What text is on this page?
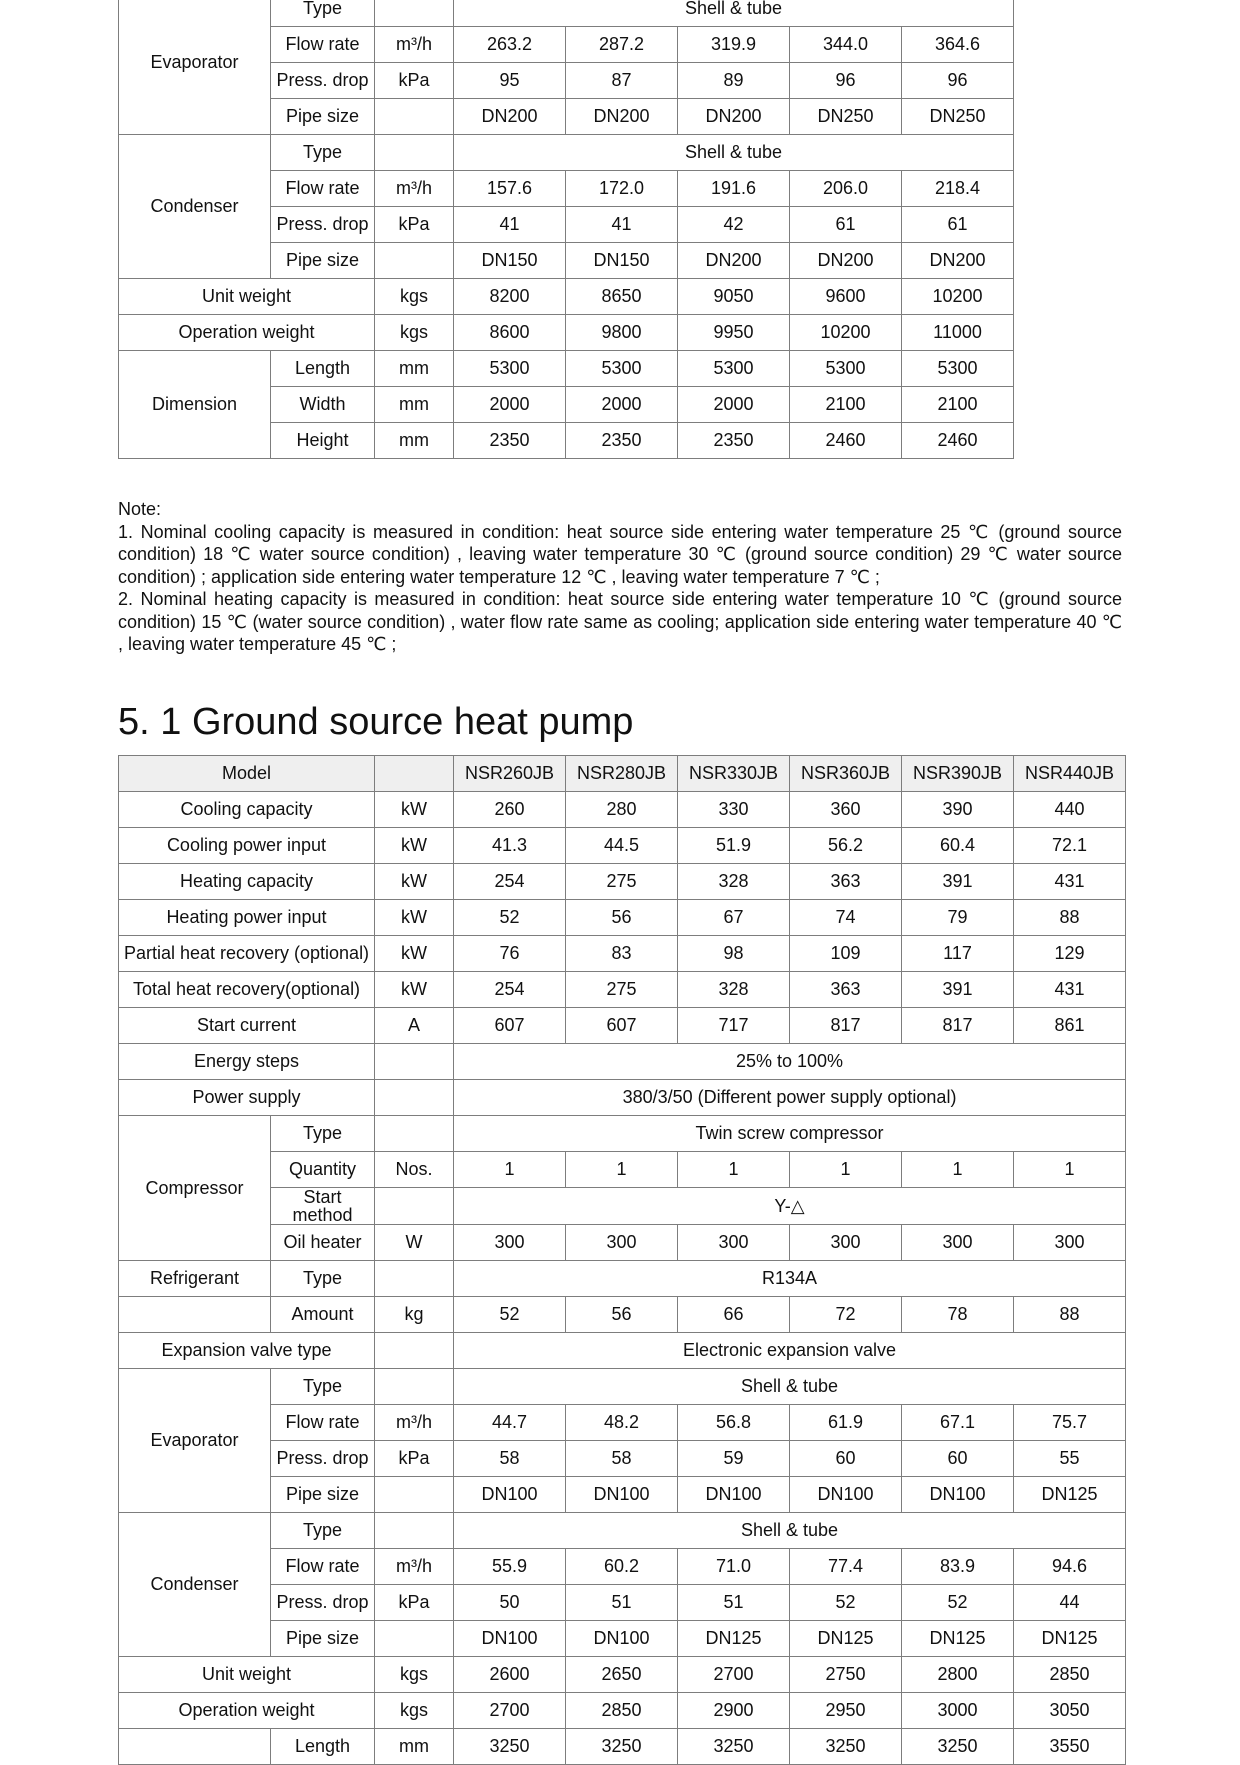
Evaporator	Type		Shell & tube				
	Flow rate	m³/h	263.2	287.2	319.9	344.0	364.6
	Press. drop	kPa	95	87	89	96	96
	Pipe size		DN200	DN200	DN200	DN250	DN250
Condenser	Type		Shell & tube				
	Flow rate	m³/h	157.6	172.0	191.6	206.0	218.4
	Press. drop	kPa	41	41	42	61	61
	Pipe size		DN150	DN150	DN200	DN200	DN200
Unit weight		kgs	8200	8650	9050	9600	10200
Operation weight		kgs	8600	9800	9950	10200	11000
Dimension	Length	mm	5300	5300	5300	5300	5300
	Width	mm	2000	2000	2000	2100	2100
	Height	mm	2350	2350	2350	2460	2460

Note:

1. Nominal cooling capacity is measured in condition: heat source side entering water temperature 25 ℃ (ground source condition) 18 ℃ water source condition) , leaving water temperature 30 ℃ (ground source condition) 29 ℃ water source condition) ; application side entering water temperature 12 ℃ , leaving water temperature 7 ℃ ;

2. Nominal heating capacity is measured in condition: heat source side entering water temperature 10 ℃ (ground source condition) 15 ℃ (water source condition) , water flow rate same as cooling; application side entering water temperature 40 ℃ , leaving water temperature 45 ℃ ;

5. 1 Ground source heat pump
Model			NSR260JB	NSR280JB	NSR330JB	NSR360JB	NSR390JB	NSR440JB
Cooling capacity		kW	260	280	330	360	390	440
Cooling power input		kW	41.3	44.5	51.9	56.2	60.4	72.1
Heating capacity		kW	254	275	328	363	391	431
Heating power input		kW	52	56	67	74	79	88
Partial heat recovery (optional)		kW	76	83	98	109	117	129
Total heat recovery(optional)		kW	254	275	328	363	391	431
Start current		A	607	607	717	817	817	861
Energy steps			25% to 100%					
Power supply			380/3/50 (Different power supply optional)					
Compressor	Type		Twin screw compressor					
	Quantity	Nos.	1	1	1	1	1	1
	Start method		Y-△					
	Oil heater	W	300	300	300	300	300	300
Refrigerant	Type		R134A					
	Amount	kg	52	56	66	72	78	88
Expansion valve type			Electronic expansion valve					
Evaporator	Type		Shell & tube					
	Flow rate	m³/h	44.7	48.2	56.8	61.9	67.1	75.7
	Press. drop	kPa	58	58	59	60	60	55
	Pipe size		DN100	DN100	DN100	DN100	DN100	DN125
Condenser	Type		Shell & tube					
	Flow rate	m³/h	55.9	60.2	71.0	77.4	83.9	94.6
	Press. drop	kPa	50	51	51	52	52	44
	Pipe size		DN100	DN100	DN125	DN125	DN125	DN125
Unit weight		kgs	2600	2650	2700	2750	2800	2850
Operation weight		kgs	2700	2850	2900	2950	3000	3050
	Length	mm	3250	3250	3250	3250	3250	3550
